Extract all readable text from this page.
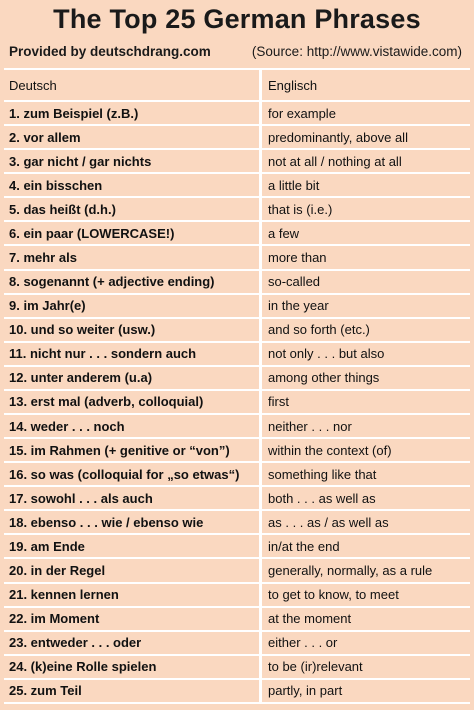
The Top 25 German Phrases
Provided by deutschdrang.com	(Source: http://www.vistawide.com)
Deutsch	Englisch
1. zum Beispiel (z.B.)	for example
2. vor allem	predominantly, above all
3. gar nicht / gar nichts	not at all / nothing at all
4. ein bisschen	a little bit
5. das heißt (d.h.)	that is (i.e.)
6. ein paar (LOWERCASE!)	a few
7. mehr als	more than
8. sogenannt (+ adjective ending)	so-called
9. im Jahr(e)	in the year
10. und so weiter (usw.)	and so forth (etc.)
11. nicht nur . . . sondern auch	not only . . . but also
12. unter anderem (u.a)	among other things
13. erst mal (adverb, colloquial)	first
14. weder . . . noch	neither . . . nor
15. im Rahmen (+ genitive or “von”)	within the context (of)
16. so was (colloquial for „so etwas“)	something like that
17. sowohl . . . als auch	both . . . as well as
18. ebenso . . . wie / ebenso wie	as . . . as / as well as
19. am Ende	in/at the end
20. in der Regel	generally, normally, as a rule
21. kennen lernen	to get to know, to meet
22. im Moment	at the moment
23. entweder . . . oder	either . . . or
24. (k)eine Rolle spielen	to be (ir)relevant
25. zum Teil	partly, in part
